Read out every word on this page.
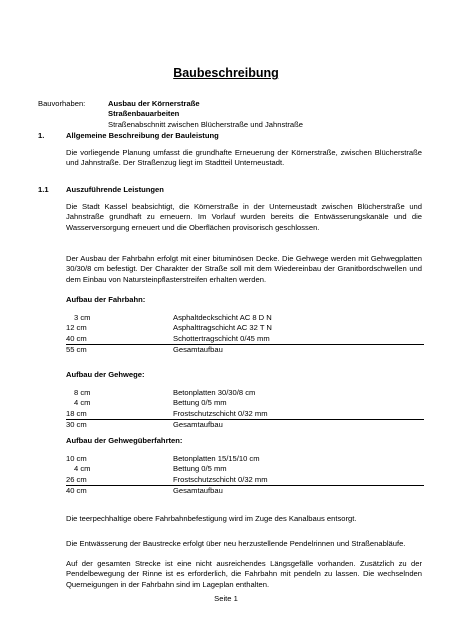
Baubeschreibung
Bauvorhaben:	Ausbau der Körnerstraße
Straßenbauarbeiten
Straßenabschnitt zwischen Blücherstraße und Jahnstraße
1.	Allgemeine Beschreibung der Bauleistung
Die vorliegende Planung umfasst die grundhafte Erneuerung der Körnerstraße, zwischen Blücherstraße und Jahnstraße. Der Straßenzug liegt im Stadtteil Unterneustadt.
1.1 Auszuführende Leistungen
Die Stadt Kassel beabsichtigt, die Körnerstraße in der Unterneustadt zwischen Blücherstraße und Jahnstraße grundhaft zu erneuern. Im Vorlauf wurden bereits die Entwässerungskanäle und die Wasserversorgung erneuert und die Oberflächen provisorisch geschlossen.
Der Ausbau der Fahrbahn erfolgt mit einer bituminösen Decke. Die Gehwege werden mit Gehwegplatten 30/30/8 cm befestigt. Der Charakter der Straße soll mit dem Wiedereinbau der Granitbordschwellen und dem Einbau von Natursteinpflasterstreifen erhalten werden.
Aufbau der Fahrbahn:
3 cm	Asphaltdeckschicht AC 8 D N
12 cm	Asphalttragschicht AC 32 T N
40 cm	Schottertragschicht 0/45 mm
55 cm	Gesamtaufbau
Aufbau der Gehwege:
8 cm	Betonplatten 30/30/8 cm
4 cm	Bettung 0/5 mm
18 cm	Frostschutzschicht 0/32 mm
30 cm	Gesamtaufbau
Aufbau der Gehwegüberfahrten:
10 cm	Betonplatten 15/15/10 cm
4 cm	Bettung 0/5 mm
26 cm	Frostschutzschicht 0/32 mm
40 cm	Gesamtaufbau
Die teerpechhaltige obere Fahrbahnbefestigung wird im Zuge des Kanalbaus entsorgt.
Die Entwässerung der Baustrecke erfolgt über neu herzustellende Pendelrinnen und Straßenabläufe.
Auf der gesamten Strecke ist eine nicht ausreichendes Längsgefälle vorhanden. Zusätzlich zu der Pendelbewegung der Rinne ist es erforderlich, die Fahrbahn mit pendeln zu lassen. Die wechselnden Querneigungen in der Fahrbahn sind im Lageplan enthalten.
Seite 1
